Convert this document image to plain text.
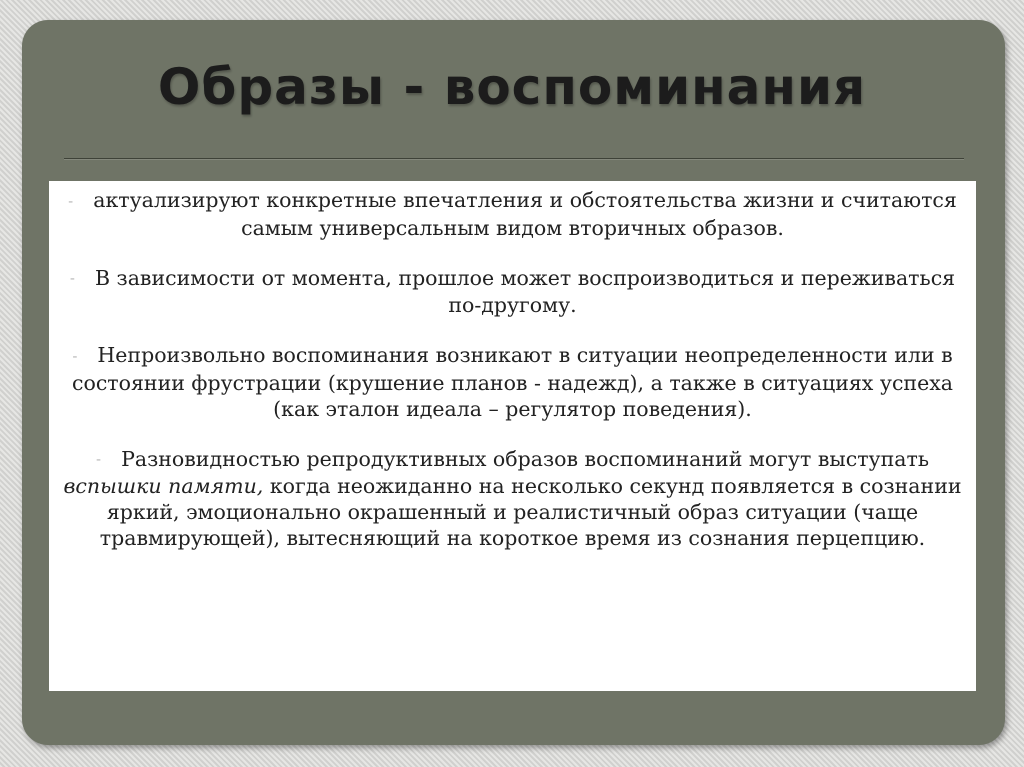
Образы - воспоминания
- актуализируют конкретные впечатления и обстоятельства жизни и считаются самым универсальным видом вторичных образов.
- В зависимости от момента, прошлое может воспроизводиться и переживаться по-другому.
- Непроизвольно воспоминания возникают в ситуации неопределенности или в состоянии фрустрации (крушение планов - надежд), а также в ситуациях успеха (как эталон идеала – регулятор поведения).
- Разновидностью репродуктивных образов воспоминаний могут выступать вспышки памяти, когда неожиданно на несколько секунд появляется в сознании яркий, эмоционально окрашенный и реалистичный образ ситуации (чаще травмирующей), вытесняющий на короткое время из сознания перцепцию.
